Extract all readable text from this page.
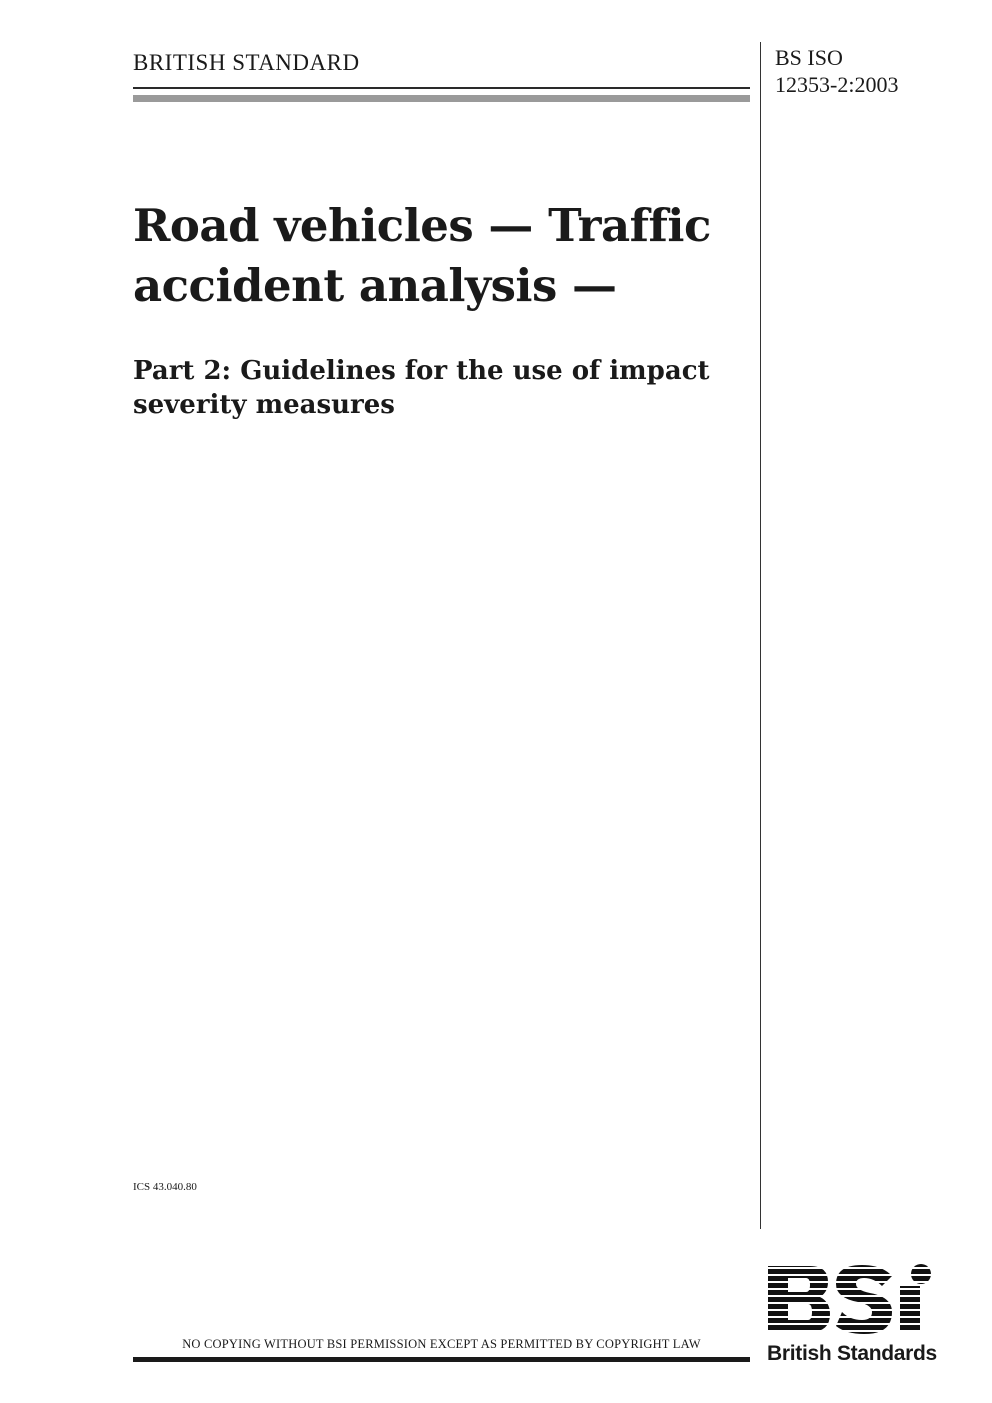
BRITISH STANDARD	BS ISO
12353-2:2003
Road vehicles — Traffic accident analysis —
Part 2: Guidelines for the use of impact severity measures
ICS 43.040.80
NO COPYING WITHOUT BSI PERMISSION EXCEPT AS PERMITTED BY COPYRIGHT LAW	British Standards
